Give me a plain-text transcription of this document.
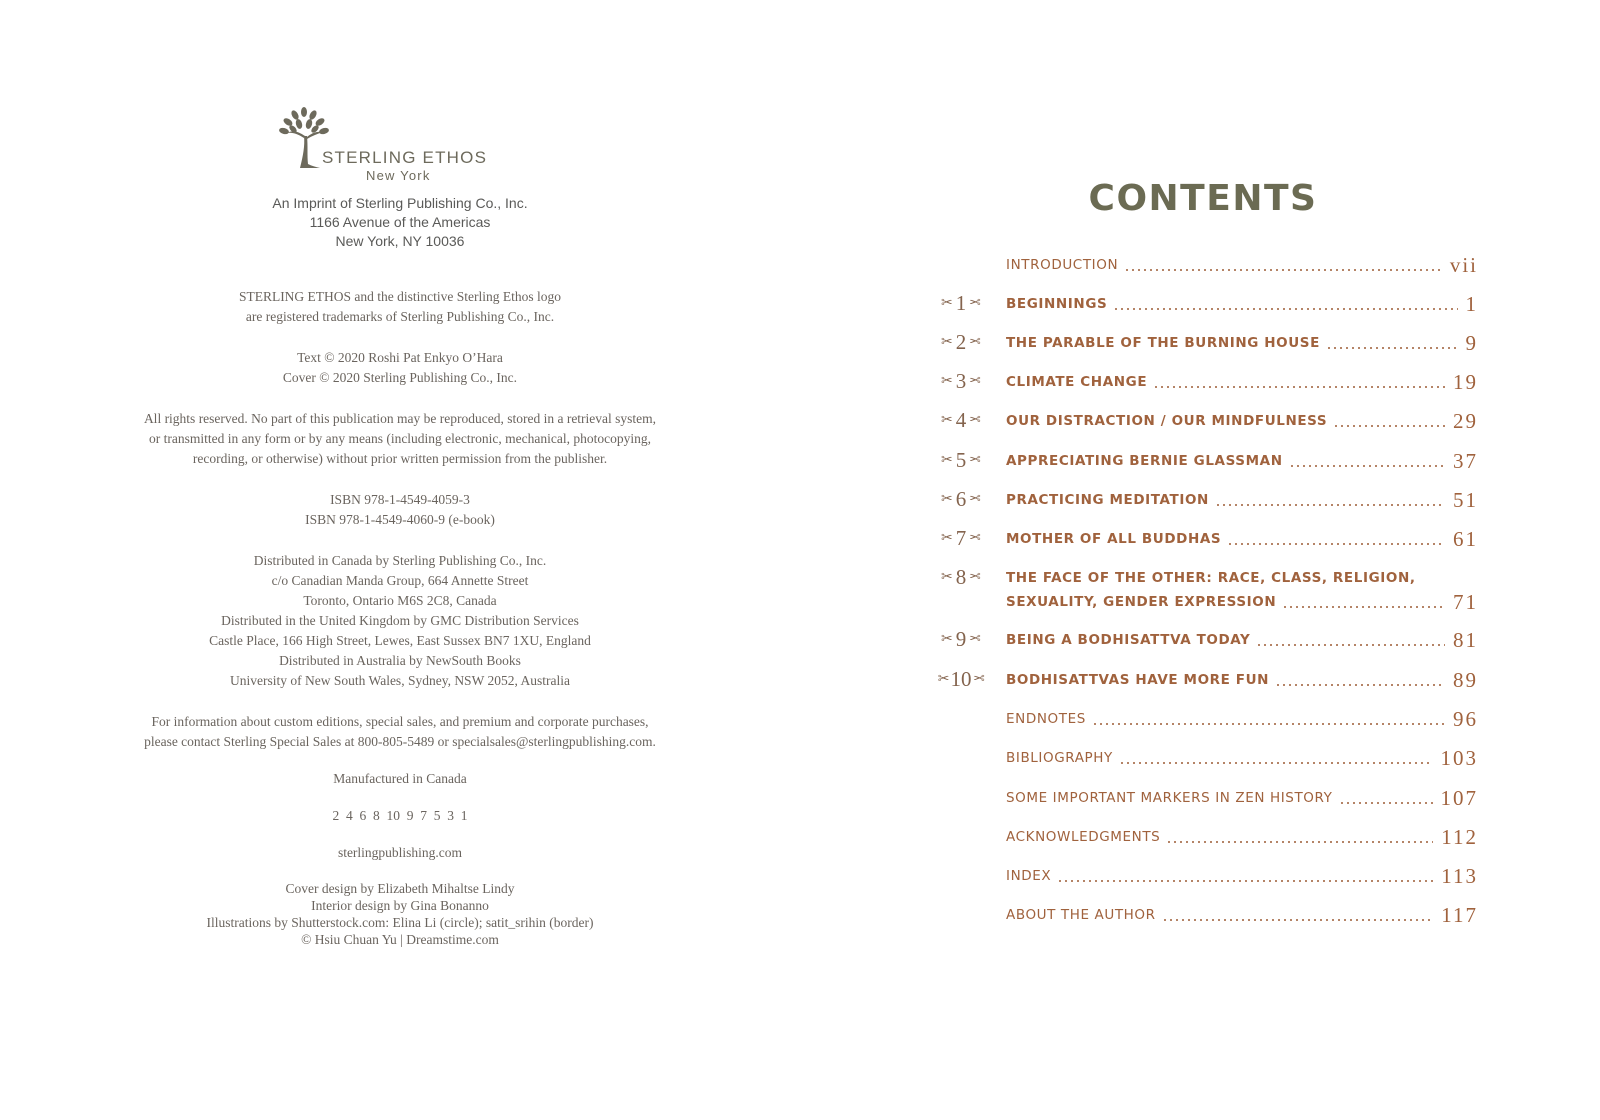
STERLING ETHOS
New York
An Imprint of Sterling Publishing Co., Inc.
1166 Avenue of the Americas
New York, NY 10036
STERLING ETHOS and the distinctive Sterling Ethos logo
are registered trademarks of Sterling Publishing Co., Inc.
Text © 2020 Roshi Pat Enkyo O’Hara
Cover © 2020 Sterling Publishing Co., Inc.
All rights reserved. No part of this publication may be reproduced, stored in a retrieval system,
or transmitted in any form or by any means (including electronic, mechanical, photocopying,
recording, or otherwise) without prior written permission from the publisher.
ISBN 978-1-4549-4059-3
ISBN 978-1-4549-4060-9 (e-book)
Distributed in Canada by Sterling Publishing Co., Inc.
c/o Canadian Manda Group, 664 Annette Street
Toronto, Ontario M6S 2C8, Canada
Distributed in the United Kingdom by GMC Distribution Services
Castle Place, 166 High Street, Lewes, East Sussex BN7 1XU, England
Distributed in Australia by NewSouth Books
University of New South Wales, Sydney, NSW 2052, Australia
For information about custom editions, special sales, and premium and corporate purchases,
please contact Sterling Special Sales at 800-805-5489 or specialsales@sterlingpublishing.com.
Manufactured in Canada
2  4  6  8  10  9  7  5  3  1
sterlingpublishing.com
Cover design by Elizabeth Mihaltse Lindy
Interior design by Gina Bonanno
Illustrations by Shutterstock.com: Elina Li (circle); satit_srihin (border)
© Hsiu Chuan Yu | Dreamstime.com
CONTENTS
INTRODUCTION	vii
✂ 1 ✂ BEGINNINGS	1
✂ 2 ✂ THE PARABLE OF THE BURNING HOUSE	9
✂ 3 ✂ CLIMATE CHANGE	19
✂ 4 ✂ OUR DISTRACTION / OUR MINDFULNESS	29
✂ 5 ✂ APPRECIATING BERNIE GLASSMAN	37
✂ 6 ✂ PRACTICING MEDITATION	51
✂ 7 ✂ MOTHER OF ALL BUDDHAS	61
✂ 8 ✂ THE FACE OF THE OTHER: RACE, CLASS, RELIGION,
SEXUALITY, GENDER EXPRESSION	71
✂ 9 ✂ BEING A BODHISATTVA TODAY	81
✂ 10 ✂ BODHISATTVAS HAVE MORE FUN	89
ENDNOTES	96
BIBLIOGRAPHY	103
SOME IMPORTANT MARKERS IN ZEN HISTORY	107
ACKNOWLEDGMENTS	112
INDEX	113
ABOUT THE AUTHOR	117
